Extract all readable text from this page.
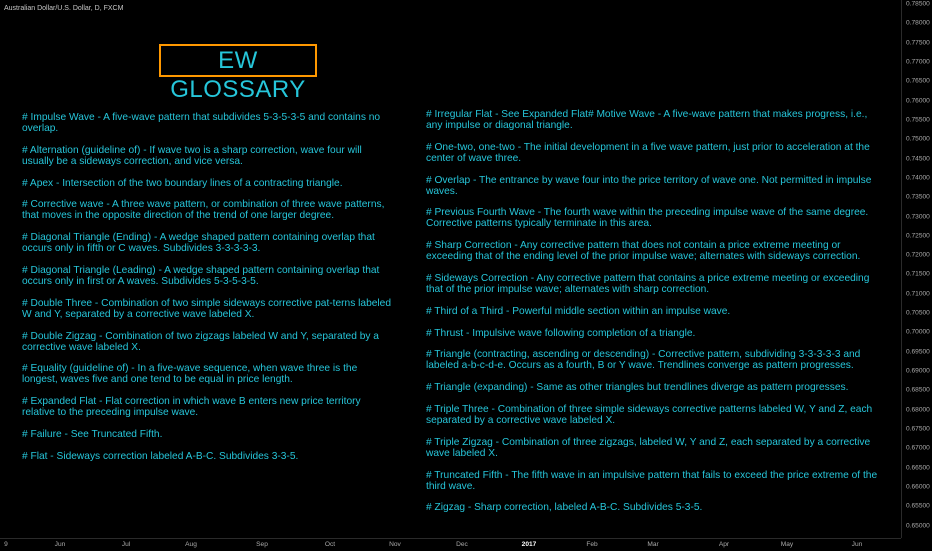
Australian Dollar/U.S. Dollar, D, FXCM
EW GLOSSARY
# Impulse Wave - A five-wave pattern that subdivides 5-3-5-3-5 and contains no overlap.
# Alternation (guideline of) - If wave two is a sharp correction, wave four will usually be a sideways correction, and vice versa.
# Apex - Intersection of the two boundary lines of a contracting triangle.
# Corrective wave - A three wave pattern, or combination of three wave patterns, that moves in the opposite direction of the trend of one larger degree.
# Diagonal Triangle (Ending) - A wedge shaped pattern containing overlap that occurs only in fifth or C waves. Subdivides 3-3-3-3-3.
# Diagonal Triangle (Leading) - A wedge shaped pattern containing overlap that occurs only in first or A waves. Subdivides 5-3-5-3-5.
# Double Three - Combination of two simple sideways corrective pat-terns labeled W and Y, separated by a corrective wave labeled X.
# Double Zigzag - Combination of two zigzags labeled W and Y, separated by a corrective wave labeled X.
# Equality (guideline of) - In a five-wave sequence, when wave three is the longest, waves five and one tend to be equal in price length.
# Expanded Flat - Flat correction in which wave B enters new price territory relative to the preceding impulse wave.
# Failure - See Truncated Fifth.
# Flat - Sideways correction labeled A-B-C. Subdivides 3-3-5.
# Irregular Flat - See Expanded Flat# Motive Wave - A five-wave pattern that makes progress, i.e., any impulse or diagonal triangle.
# One-two, one-two - The initial development in a five wave pattern, just prior to acceleration at the center of wave three.
# Overlap - The entrance by wave four into the price territory of wave one. Not permitted in impulse waves.
# Previous Fourth Wave - The fourth wave within the preceding impulse wave of the same degree. Corrective patterns typically terminate in this area.
# Sharp Correction - Any corrective pattern that does not contain a price extreme meeting or exceeding that of the ending level of the prior impulse wave; alternates with sideways correction.
# Sideways Correction - Any corrective pattern that contains a price extreme meeting or exceeding that of the prior impulse wave; alternates with sharp correction.
# Third of a Third - Powerful middle section within an impulse wave.
# Thrust - Impulsive wave following completion of a triangle.
# Triangle (contracting, ascending or descending) - Corrective pattern, subdividing 3-3-3-3-3 and labeled a-b-c-d-e. Occurs as a fourth, B or Y wave. Trendlines converge as pattern progresses.
# Triangle (expanding) - Same as other triangles but trendlines diverge as pattern progresses.
# Triple Three - Combination of three simple sideways corrective patterns labeled W, Y and Z, each separated by a corrective wave labeled X.
# Triple Zigzag - Combination of three zigzags, labeled W, Y and Z, each separated by a corrective wave labeled X.
# Truncated Fifth - The fifth wave in an impulsive pattern that fails to exceed the price extreme of the third wave.
# Zigzag - Sharp correction, labeled A-B-C. Subdivides 5-3-5.
0.78500
0.78000
0.77500
0.77000
0.76500
0.76000
0.75500
0.75000
0.74500
0.74000
0.73500
0.73000
0.72500
0.72000
0.71500
0.71000
0.70500
0.70000
0.69500
0.69000
0.68500
0.68000
0.67500
0.67000
0.66500
0.66000
0.65500
0.65000
9	Jun	Jul	Aug	Sep	Oct	Nov	Dec	2017	Feb	Mar	Apr	May	Jun
